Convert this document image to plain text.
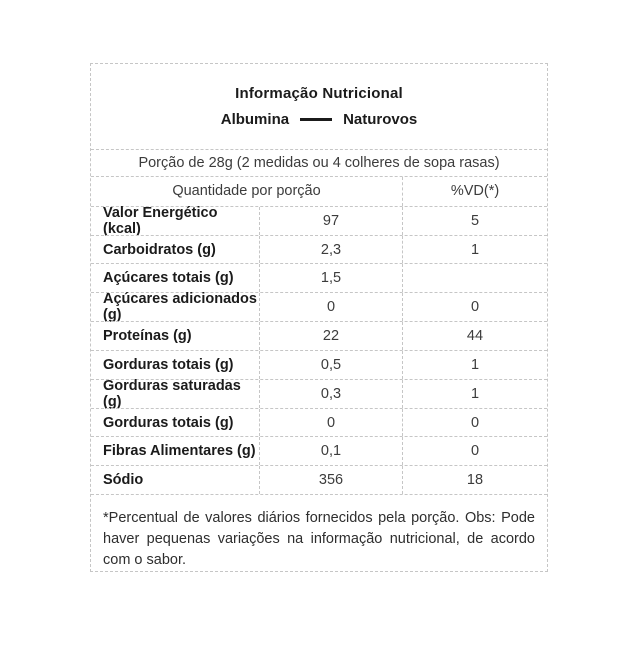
Informação Nutricional
Albumina	Naturovos
Porção de 28g (2 medidas ou 4 colheres de sopa rasas)
Quantidade por porção	%VD(*)
Valor Energético (kcal)	97	5
Carboidratos (g)	2,3	1
Açúcares totais (g)	1,5
Açúcares adicionados (g)	0	0
Proteínas (g)	22	44
Gorduras totais (g)	0,5	1
Gorduras saturadas (g)	0,3	1
Gorduras totais (g)	0	0
Fibras Alimentares (g)	0,1	0
Sódio	356	18
*Percentual de valores diários fornecidos pela porção. Obs: Pode haver pequenas variações na informação nutricional, de acordo com o sabor.
